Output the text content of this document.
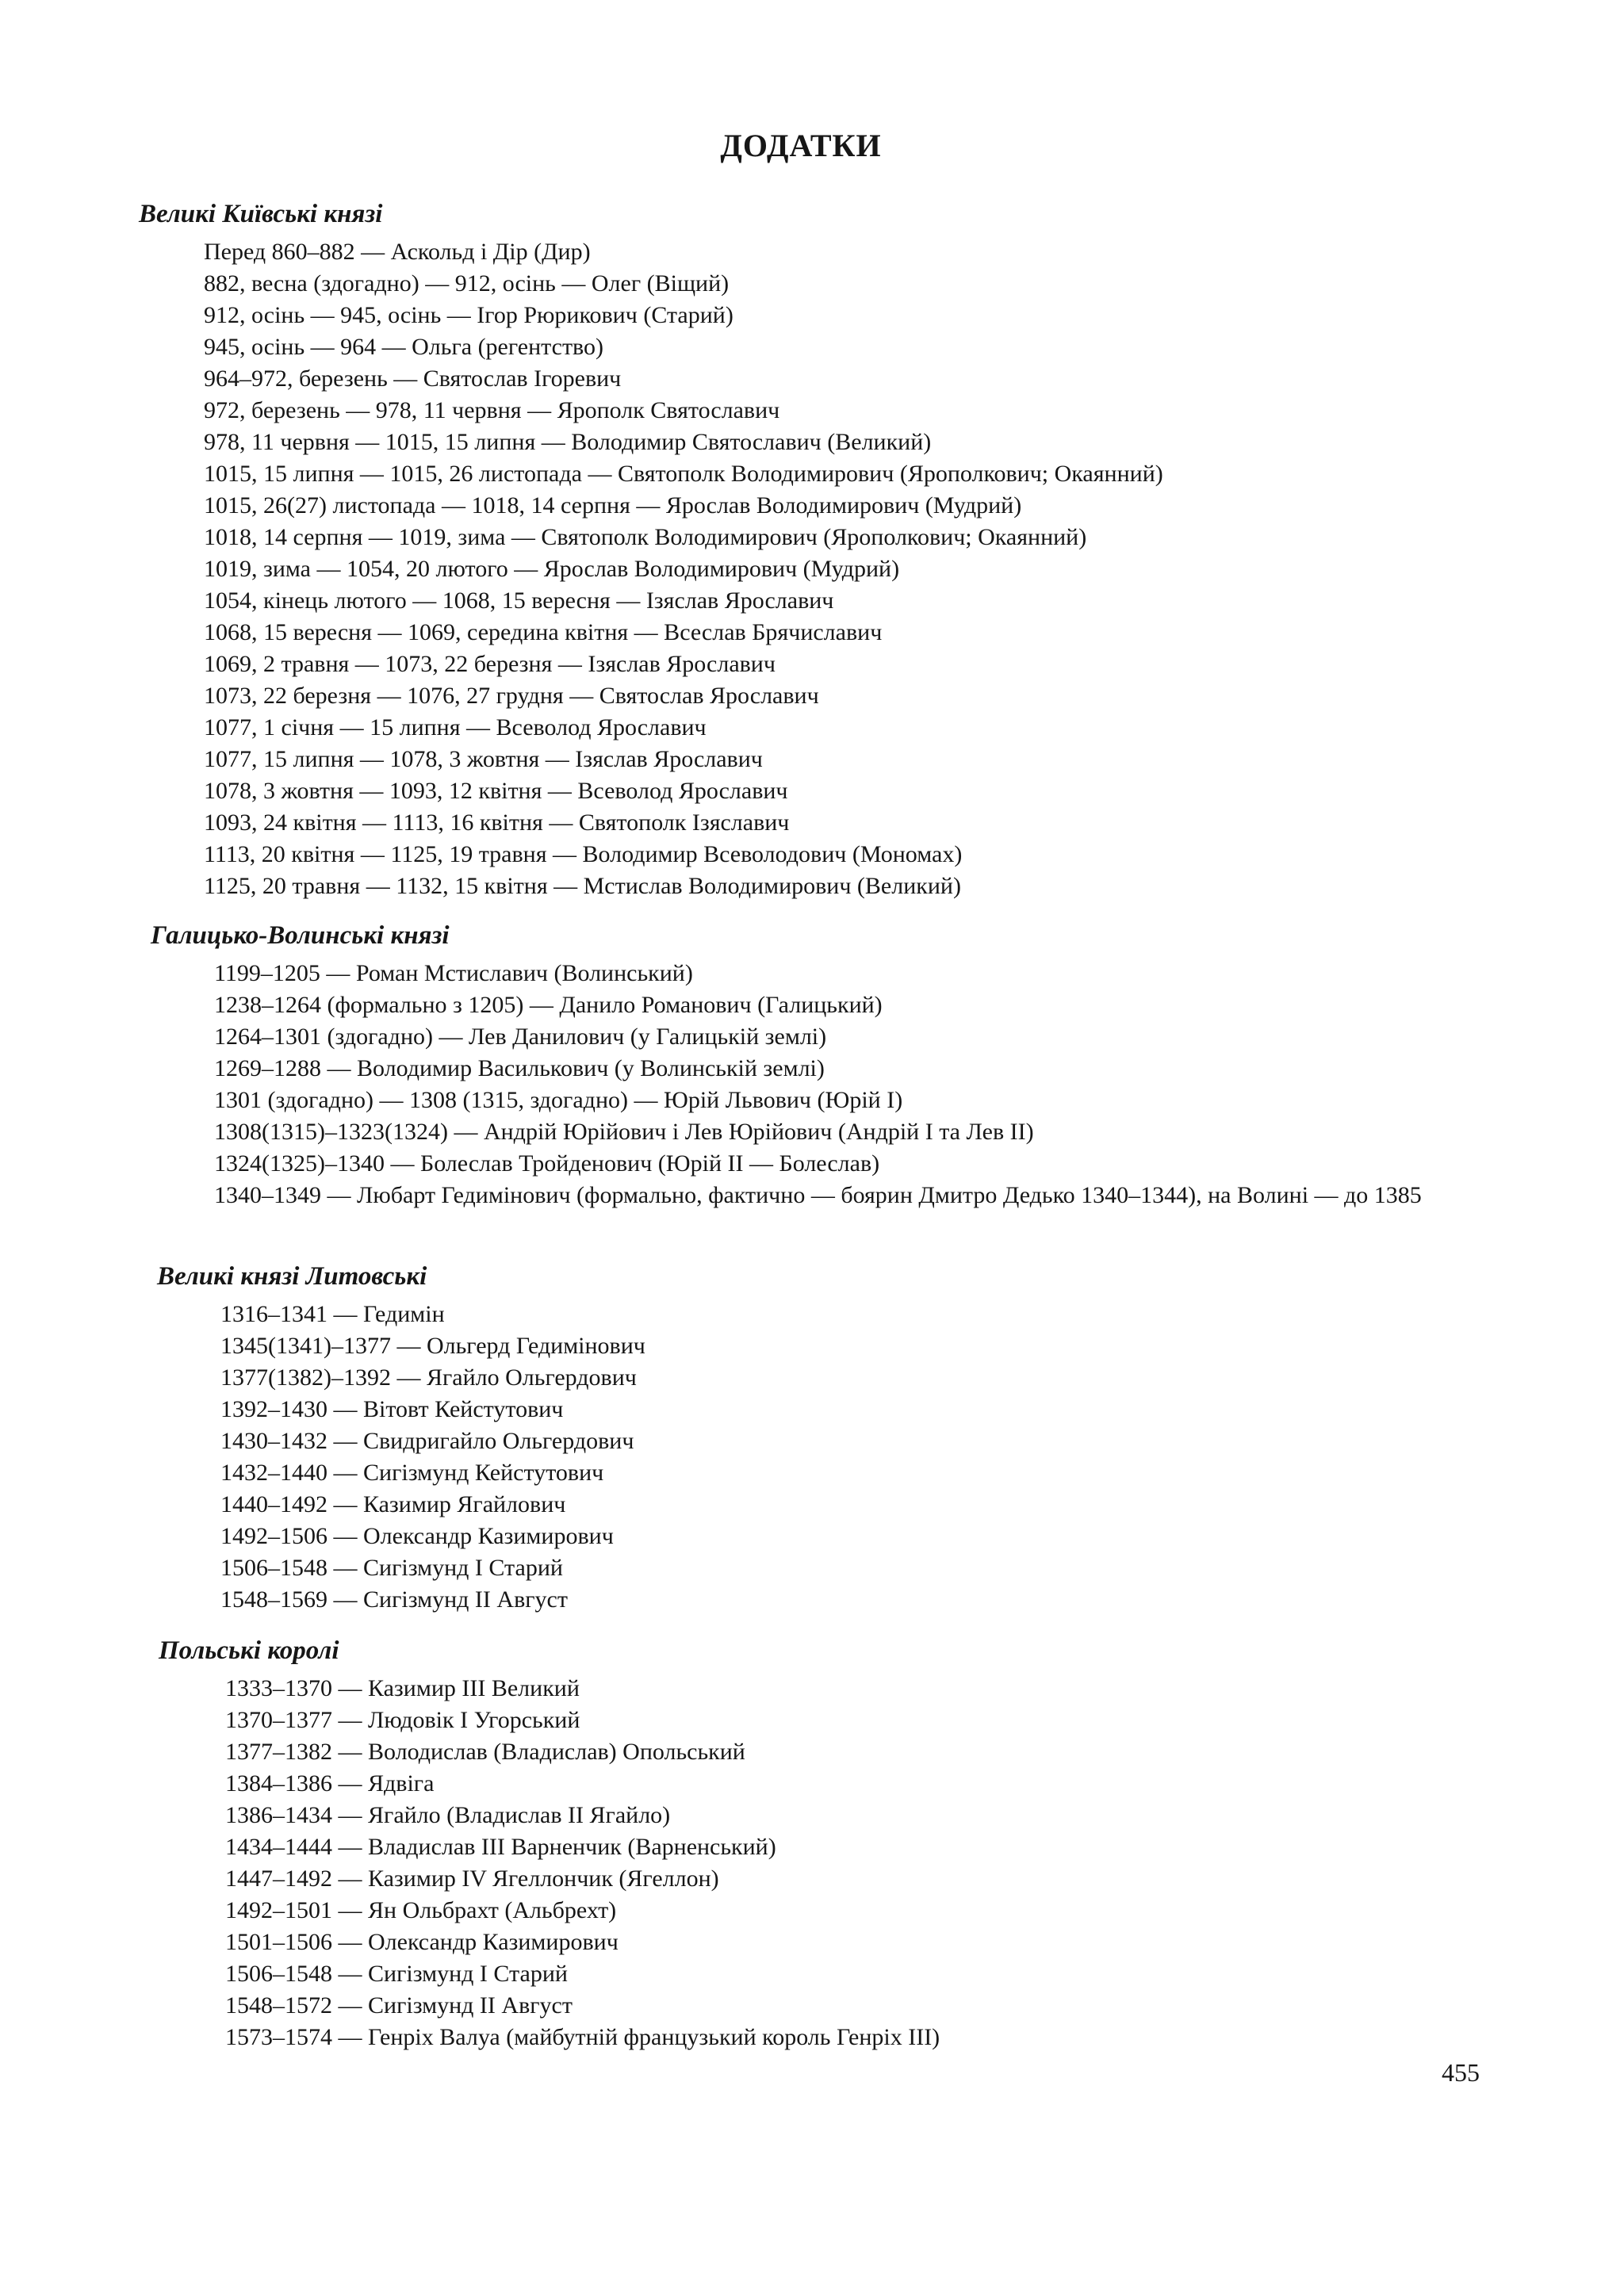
ДОДАТКИ
Великі Київські князі
Перед 860–882 — Аскольд і Дір (Дир)
882, весна (здогадно) — 912, осінь — Олег (Віщий)
912, осінь — 945, осінь — Ігор Рюрикович (Старий)
945, осінь — 964 — Ольга (регентство)
964–972, березень — Святослав Ігоревич
972, березень — 978, 11 червня — Ярополк Святославич
978, 11 червня — 1015, 15 липня — Володимир Святославич (Великий)
1015, 15 липня — 1015, 26 листопада — Святополк Володимирович (Ярополкович; Окаянний)
1015, 26(27) листопада — 1018, 14 серпня — Ярослав Володимирович (Мудрий)
1018, 14 серпня — 1019, зима — Святополк Володимирович (Ярополкович; Окаянний)
1019, зима — 1054, 20 лютого — Ярослав Володимирович (Мудрий)
1054, кінець лютого — 1068, 15 вересня — Ізяслав Ярославич
1068, 15 вересня — 1069, середина квітня — Всеслав Брячиславич
1069, 2 травня — 1073, 22 березня — Ізяслав Ярославич
1073, 22 березня — 1076, 27 грудня — Святослав Ярославич
1077, 1 січня — 15 липня — Всеволод Ярославич
1077, 15 липня — 1078, 3 жовтня — Ізяслав Ярославич
1078, 3 жовтня — 1093, 12 квітня — Всеволод Ярославич
1093, 24 квітня — 1113, 16 квітня — Святополк Ізяславич
1113, 20 квітня — 1125, 19 травня — Володимир Всеволодович (Мономах)
1125, 20 травня — 1132, 15 квітня — Мстислав Володимирович (Великий)
Галицько-Волинські князі
1199–1205 — Роман Мстиславич (Волинський)
1238–1264 (формально з 1205) — Данило Романович (Галицький)
1264–1301 (здогадно) — Лев Данилович (у Галицькій землі)
1269–1288 — Володимир Василькович (у Волинській землі)
1301 (здогадно) — 1308 (1315, здогадно) — Юрій Львович (Юрій І)
1308(1315)–1323(1324) — Андрій Юрійович і Лев Юрійович (Андрій І та Лев II)
1324(1325)–1340 — Болеслав Тройденович (Юрій II — Болеслав)
1340–1349 — Любарт Гедимінович (формально, фактично — боярин Дмитро Дедько 1340–1344), на Волині — до 1385
Великі князі Литовські
1316–1341 — Гедимін
1345(1341)–1377 — Ольгерд Гедимінович
1377(1382)–1392 — Ягайло Ольгердович
1392–1430 — Вітовт Кейстутович
1430–1432 — Свидригайло Ольгердович
1432–1440 — Сигізмунд Кейстутович
1440–1492 — Казимир Ягайлович
1492–1506 — Олександр Казимирович
1506–1548 — Сигізмунд І Старий
1548–1569 — Сигізмунд II Август
Польські королі
1333–1370 — Казимир III Великий
1370–1377 — Людовік І Угорський
1377–1382 — Володислав (Владислав) Опольський
1384–1386 — Ядвіга
1386–1434 — Ягайло (Владислав II Ягайло)
1434–1444 — Владислав III Варненчик (Варненський)
1447–1492 — Казимир IV Ягеллончик (Ягеллон)
1492–1501 — Ян Ольбрахт (Альбрехт)
1501–1506 — Олександр Казимирович
1506–1548 — Сигізмунд І Старий
1548–1572 — Сигізмунд II Август
1573–1574 — Генріх Валуа (майбутній французький король Генріх III)
455
